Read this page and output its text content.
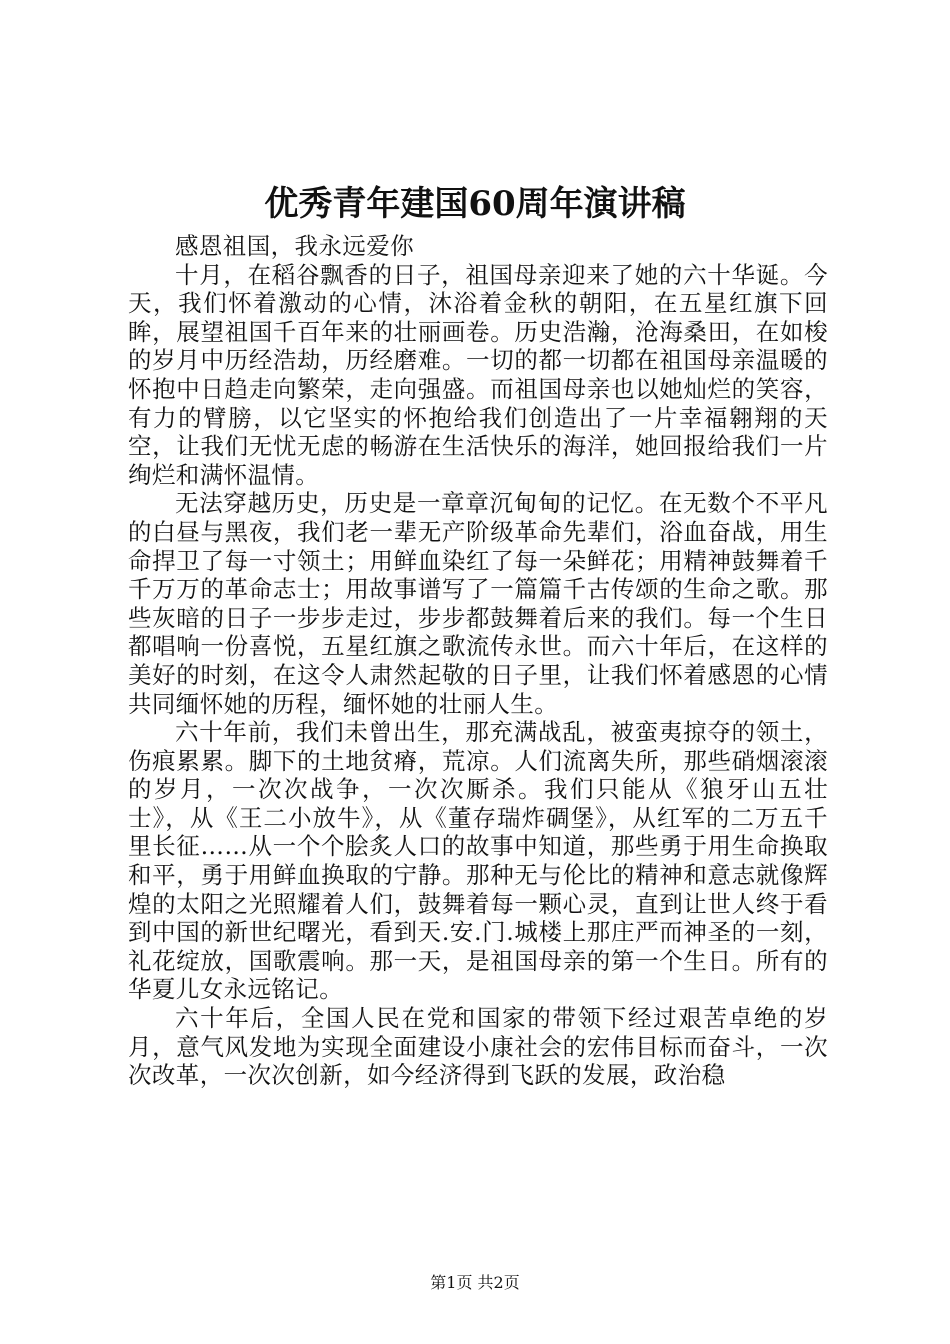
优秀青年建国60周年演讲稿

感恩祖国，我永远爱你

十月，在稻谷飘香的日子，祖国母亲迎来了她的六十华诞。今天，我们怀着激动的心情，沐浴着金秋的朝阳，在五星红旗下回眸，展望祖国千百年来的壮丽画卷。历史浩瀚，沧海桑田，在如梭的岁月中历经浩劫，历经磨难。一切的都一切都在祖国母亲温暖的怀抱中日趋走向繁荣，走向强盛。而祖国母亲也以她灿烂的笑容，有力的臂膀，以它坚实的怀抱给我们创造出了一片幸福翱翔的天空，让我们无忧无虑的畅游在生活快乐的海洋，她回报给我们一片绚烂和满怀温情。

无法穿越历史，历史是一章章沉甸甸的记忆。在无数个不平凡的白昼与黑夜，我们老一辈无产阶级革命先辈们，浴血奋战，用生命捍卫了每一寸领土；用鲜血染红了每一朵鲜花；用精神鼓舞着千千万万的革命志士；用故事谱写了一篇篇千古传颂的生命之歌。那些灰暗的日子一步步走过，步步都鼓舞着后来的我们。每一个生日都唱响一份喜悦，五星红旗之歌流传永世。而六十年后，在这样的美好的时刻，在这令人肃然起敬的日子里，让我们怀着感恩的心情共同缅怀她的历程，缅怀她的壮丽人生。

六十年前，我们未曾出生，那充满战乱，被蛮夷掠夺的领土，伤痕累累。脚下的土地贫瘠，荒凉。人们流离失所，那些硝烟滚滚的岁月，一次次战争，一次次厮杀。我们只能从《狼牙山五壮士》，从《王二小放牛》，从《董存瑞炸碉堡》，从红军的二万五千里长征……从一个个脍炙人口的故事中知道，那些勇于用生命换取和平，勇于用鲜血换取的宁静。那种无与伦比的精神和意志就像辉煌的太阳之光照耀着人们，鼓舞着每一颗心灵，直到让世人终于看到中国的新世纪曙光，看到天.安.门.城楼上那庄严而神圣的一刻，礼花绽放，国歌震响。那一天，是祖国母亲的第一个生日。所有的华夏儿女永远铭记。

六十年后，全国人民在党和国家的带领下经过艰苦卓绝的岁月，意气风发地为实现全面建设小康社会的宏伟目标而奋斗，一次次改革，一次次创新，如今经济得到飞跃的发展，政治稳

第1页 共2页
